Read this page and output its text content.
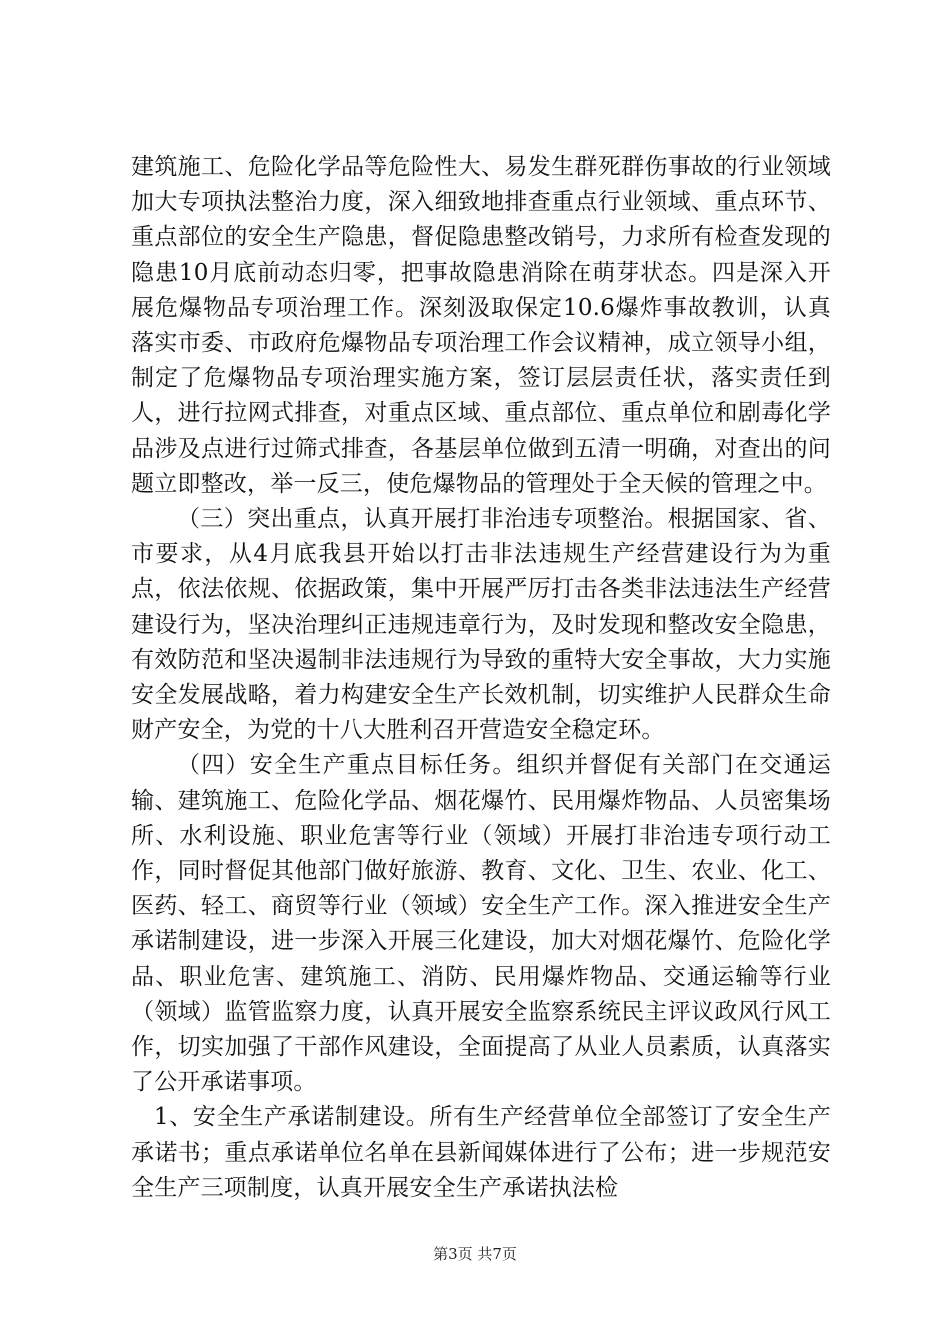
建筑施工、危险化学品等危险性大、易发生群死群伤事故的行业领域加大专项执法整治力度，深入细致地排查重点行业领域、重点环节、重点部位的安全生产隐患，督促隐患整改销号，力求所有检查发现的隐患10月底前动态归零，把事故隐患消除在萌芽状态。四是深入开展危爆物品专项治理工作。深刻汲取保定10.6爆炸事故教训，认真落实市委、市政府危爆物品专项治理工作会议精神，成立领导小组，制定了危爆物品专项治理实施方案，签订层层责任状，落实责任到人，进行拉网式排查，对重点区域、重点部位、重点单位和剧毒化学品涉及点进行过筛式排查，各基层单位做到五清一明确，对查出的问题立即整改，举一反三，使危爆物品的管理处于全天候的管理之中。

（三）突出重点，认真开展打非治违专项整治。根据国家、省、市要求，从4月底我县开始以打击非法违规生产经营建设行为为重点，依法依规、依据政策，集中开展严厉打击各类非法违法生产经营建设行为，坚决治理纠正违规违章行为，及时发现和整改安全隐患，有效防范和坚决遏制非法违规行为导致的重特大安全事故，大力实施安全发展战略，着力构建安全生产长效机制，切实维护人民群众生命财产安全，为党的十八大胜利召开营造安全稳定环。

（四）安全生产重点目标任务。组织并督促有关部门在交通运输、建筑施工、危险化学品、烟花爆竹、民用爆炸物品、人员密集场所、水利设施、职业危害等行业（领域）开展打非治违专项行动工作，同时督促其他部门做好旅游、教育、文化、卫生、农业、化工、医药、轻工、商贸等行业（领域）安全生产工作。深入推进安全生产承诺制建设，进一步深入开展三化建设，加大对烟花爆竹、危险化学品、职业危害、建筑施工、消防、民用爆炸物品、交通运输等行业（领域）监管监察力度，认真开展安全监察系统民主评议政风行风工作，切实加强了干部作风建设，全面提高了从业人员素质，认真落实了公开承诺事项。

1、安全生产承诺制建设。所有生产经营单位全部签订了安全生产承诺书；重点承诺单位名单在县新闻媒体进行了公布；进一步规范安全生产三项制度，认真开展安全生产承诺执法检

第3页 共7页
